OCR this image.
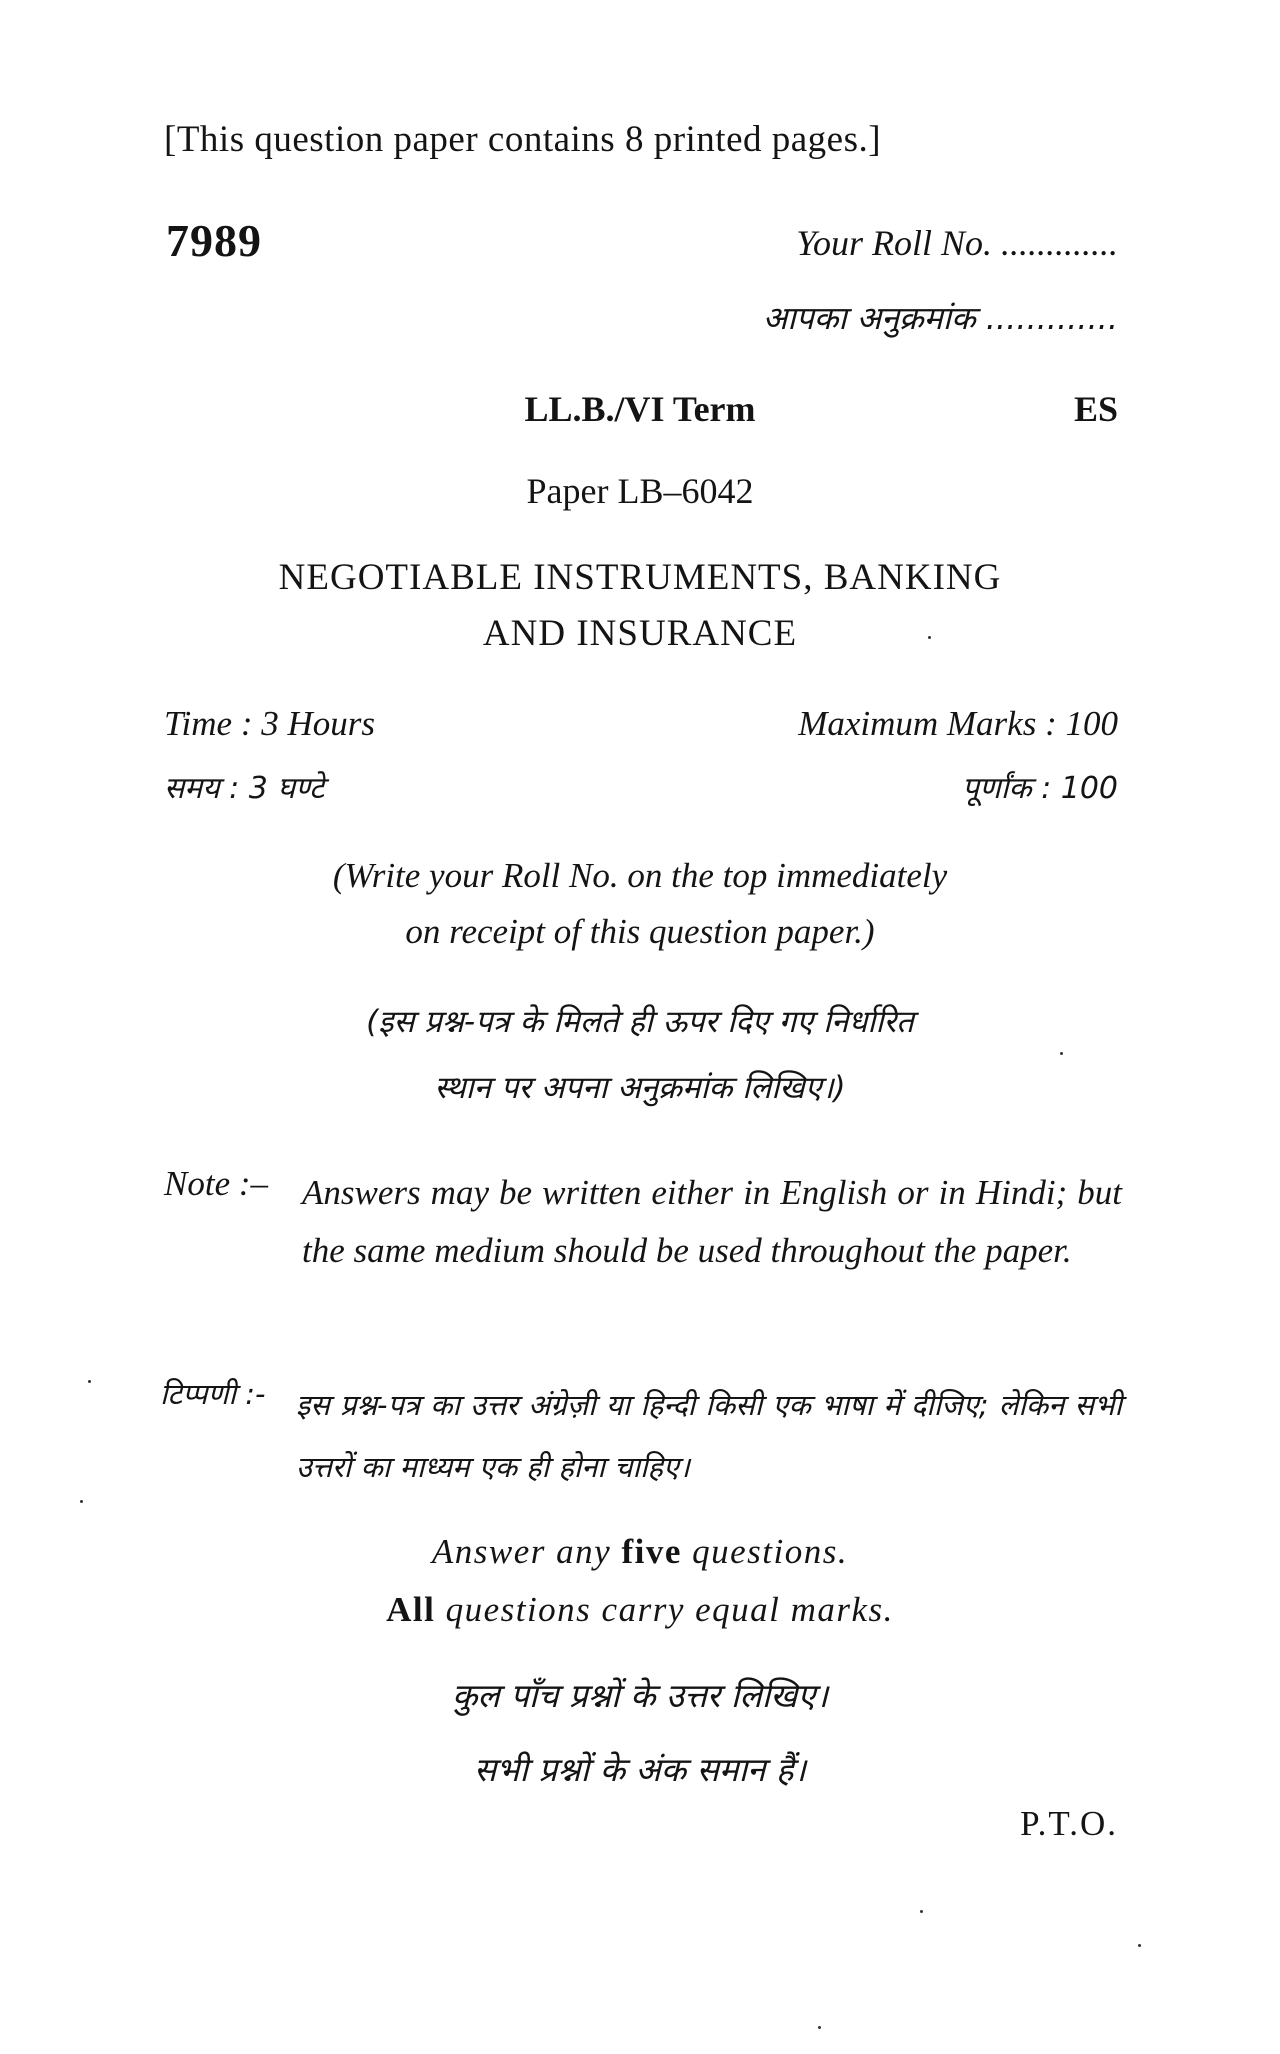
[This question paper contains 8 printed pages.]
7989	Your Roll No. .............
आपका अनुक्रमांक .............
LL.B./VI Term	ES
Paper LB–6042
NEGOTIABLE INSTRUMENTS, BANKING
AND INSURANCE
Time : 3 Hours	Maximum Marks : 100
समय : 3 घण्टे	पूर्णांक : 100
(Write your Roll No. on the top immediately
on receipt of this question paper.)
(इस प्रश्न-पत्र के मिलते ही ऊपर दिए गए निर्धारित
स्थान पर अपना अनुक्रमांक लिखिए।)
Note :– Answers may be written either in English or in Hindi; but the same medium should be used throughout the paper.
टिप्पणी :- इस प्रश्न-पत्र का उत्तर अंग्रेज़ी या हिन्दी किसी एक भाषा में दीजिए; लेकिन सभी उत्तरों का माध्यम एक ही होना चाहिए।
Answer any five questions.
All questions carry equal marks.
कुल पाँच प्रश्नों के उत्तर लिखिए।
सभी प्रश्नों के अंक समान हैं।
P.T.O.
